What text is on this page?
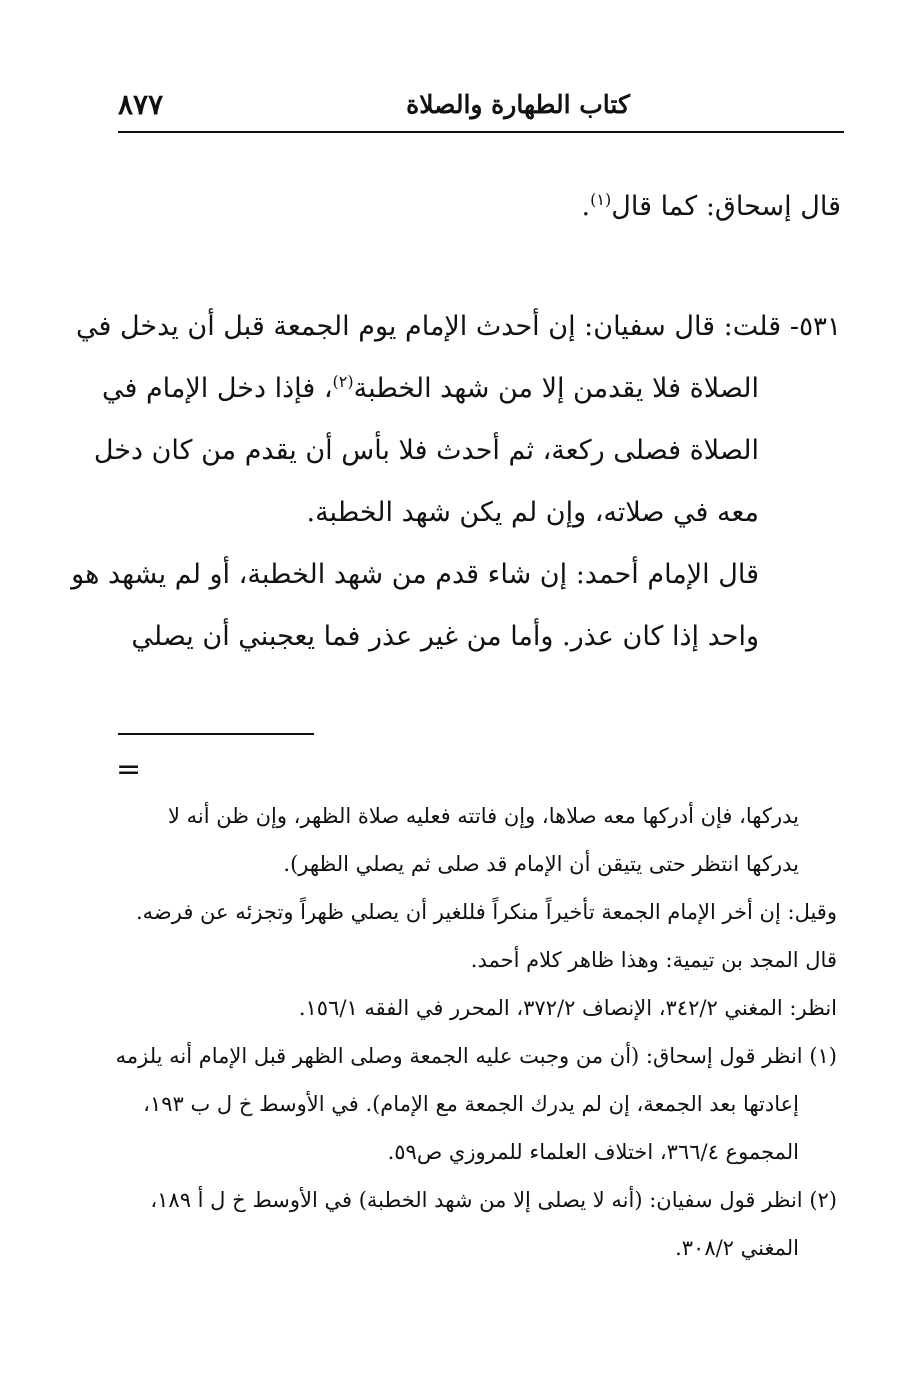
٨٧٧	كتاب الطهارة والصلاة
قال إسحاق: كما قال$^{(١)}$.
٥٣١- قلت: قال سفيان: إن أحدث الإمام يوم الجمعة قبل أن يدخل في
الصلاة فلا يقدمن إلا من شهد الخطبة$^{(٢)}$، فإذا دخل الإمام في
الصلاة فصلى ركعة، ثم أحدث فلا بأس أن يقدم من كان دخل
معه في صلاته، وإن لم يكن شهد الخطبة.
قال الإمام أحمد: إن شاء قدم من شهد الخطبة، أو لم يشهد هو
واحد إذا كان عذر. وأما من غير عذر فما يعجبني أن يصلي
=
يدركها، فإن أدركها معه صلاها، وإن فاتته فعليه صلاة الظهر، وإن ظن أنه لا
يدركها انتظر حتى يتيقن أن الإمام قد صلى ثم يصلي الظهر).
وقيل: إن أخر الإمام الجمعة تأخيراً منكراً فللغير أن يصلي ظهراً وتجزئه عن فرضه.
قال المجد بن تيمية: وهذا ظاهر كلام أحمد.
انظر: المغني ٣٤٢/٢، الإنصاف ٣٧٢/٢، المحرر في الفقه ١٥٦/١.
(١) انظر قول إسحاق: (أن من وجبت عليه الجمعة وصلى الظهر قبل الإمام أنه يلزمه
إعادتها بعد الجمعة، إن لم يدرك الجمعة مع الإمام). في الأوسط خ ل ب ١٩٣،
المجموع ٣٦٦/٤، اختلاف العلماء للمروزي ص٥٩.
(٢) انظر قول سفيان: (أنه لا يصلى إلا من شهد الخطبة) في الأوسط خ ل أ ١٨٩،
المغني ٣٠٨/٢.
